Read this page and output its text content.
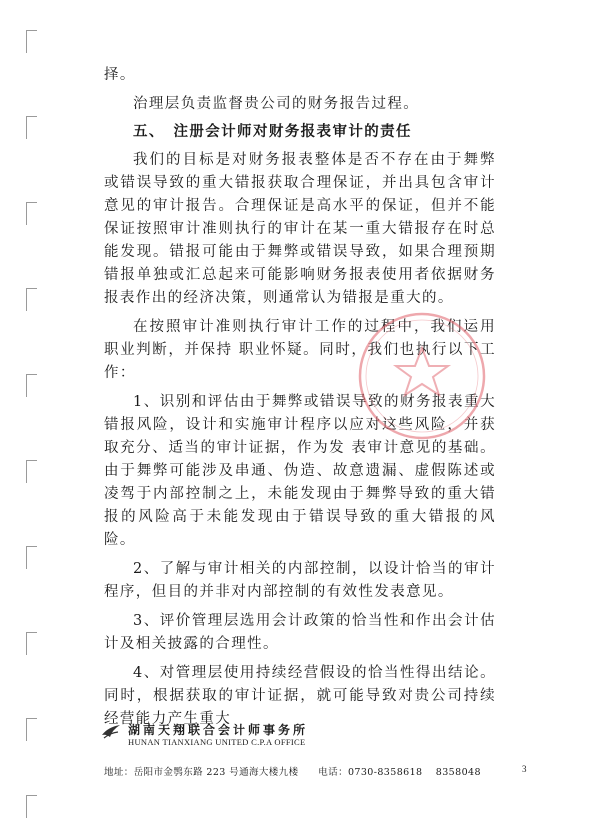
择。
治理层负责监督贵公司的财务报告过程。
五、　注册会计师对财务报表审计的责任
我们的目标是对财务报表整体是否不存在由于舞弊或错误导致的重大错报获取合理保证，并出具包含审计意见的审计报告。合理保证是高水平的保证，但并不能保证按照审计准则执行的审计在某一重大错报存在时总能发现。错报可能由于舞弊或错误导致，如果合理预期错报单独或汇总起来可能影响财务报表使用者依据财务报表作出的经济决策，则通常认为错报是重大的。
在按照审计准则执行审计工作的过程中，我们运用职业判断，并保持 职业怀疑。同时，我们也执行以下工作：
1、识别和评估由于舞弊或错误导致的财务报表重大错报风险，设计和实施审计程序以应对这些风险，并获取充分、适当的审计证据，作为发 表审计意见的基础。由于舞弊可能涉及串通、伪造、故意遗漏、虚假陈述或凌驾于内部控制之上，未能发现由于舞弊导致的重大错报的风险高于未能发现由于错误导致的重大错报的风险。
2、了解与审计相关的内部控制，以设计恰当的审计程序，但目的并非对内部控制的有效性发表意见。
3、评价管理层选用会计政策的恰当性和作出会计估计及相关披露的合理性。
4、对管理层使用持续经营假设的恰当性得出结论。同时，根据获取的审计证据，就可能导致对贵公司持续经营能力产生重大
湖南天翔联合会计师事务所
HUNAN TIANXIANG UNITED C.P.A OFFICE
地址：岳阳市金鹗东路 223 号通海大楼九楼　　电话：0730-8358618　 8358048	3
